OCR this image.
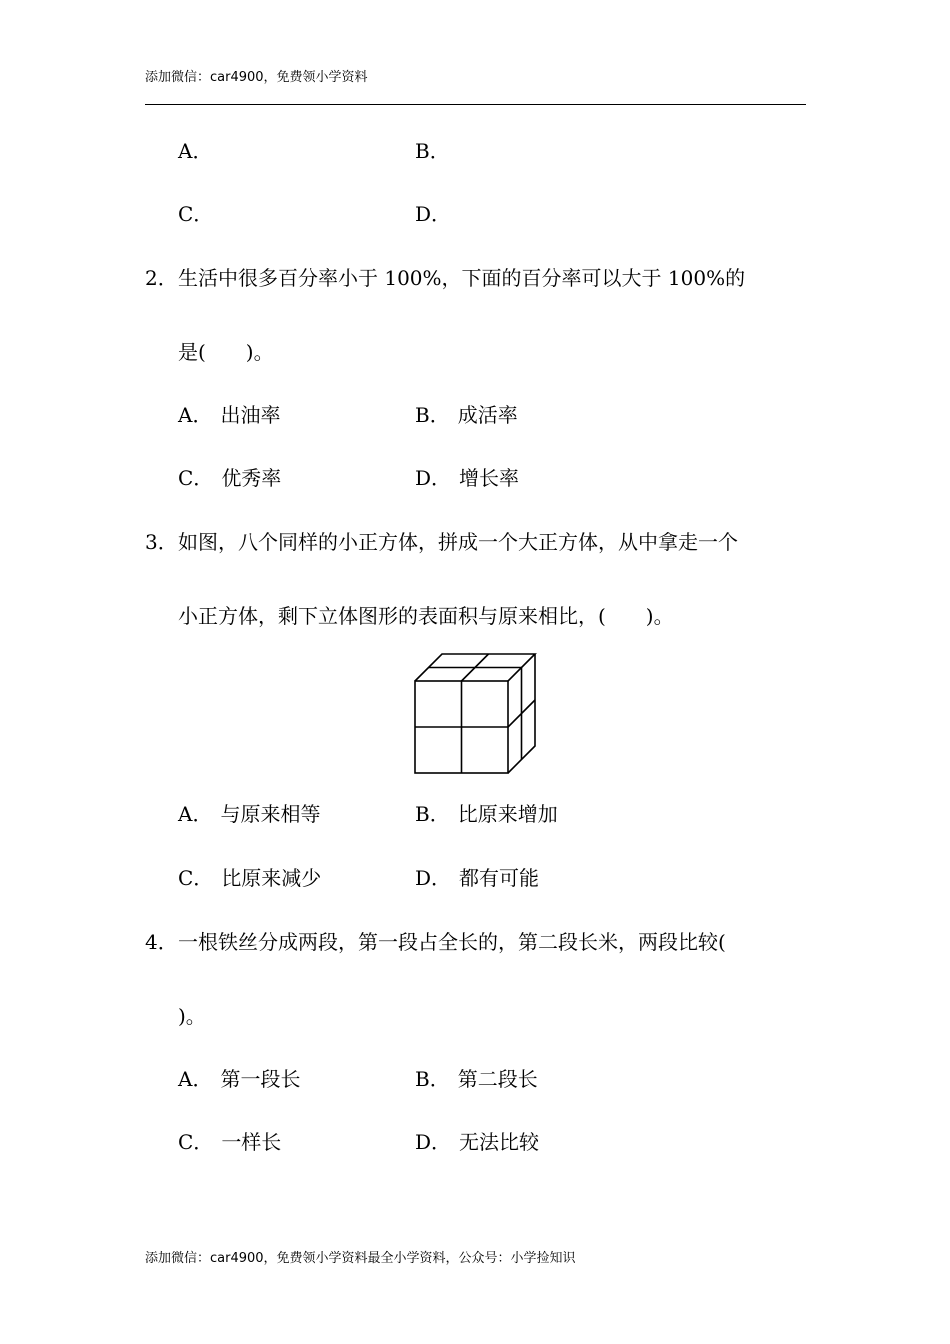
添加微信：car4900，免费领小学资料
A．	B．
C．	D．
2．生活中很多百分率小于 100%，下面的百分率可以大于 100%的
是(　　)。
A． 出油率	B． 成活率
C． 优秀率	D． 增长率
3．如图，八个同样的小正方体，拼成一个大正方体，从中拿走一个
小正方体，剩下立体图形的表面积与原来相比，(　　)。
A． 与原来相等	B． 比原来增加
C． 比原来减少	D． 都有可能
4．一根铁丝分成两段，第一段占全长的，第二段长米，两段比较(
)。
A． 第一段长	B． 第二段长
C． 一样长	D． 无法比较
添加微信：car4900，免费领小学资料最全小学资料，公众号：小学捡知识
